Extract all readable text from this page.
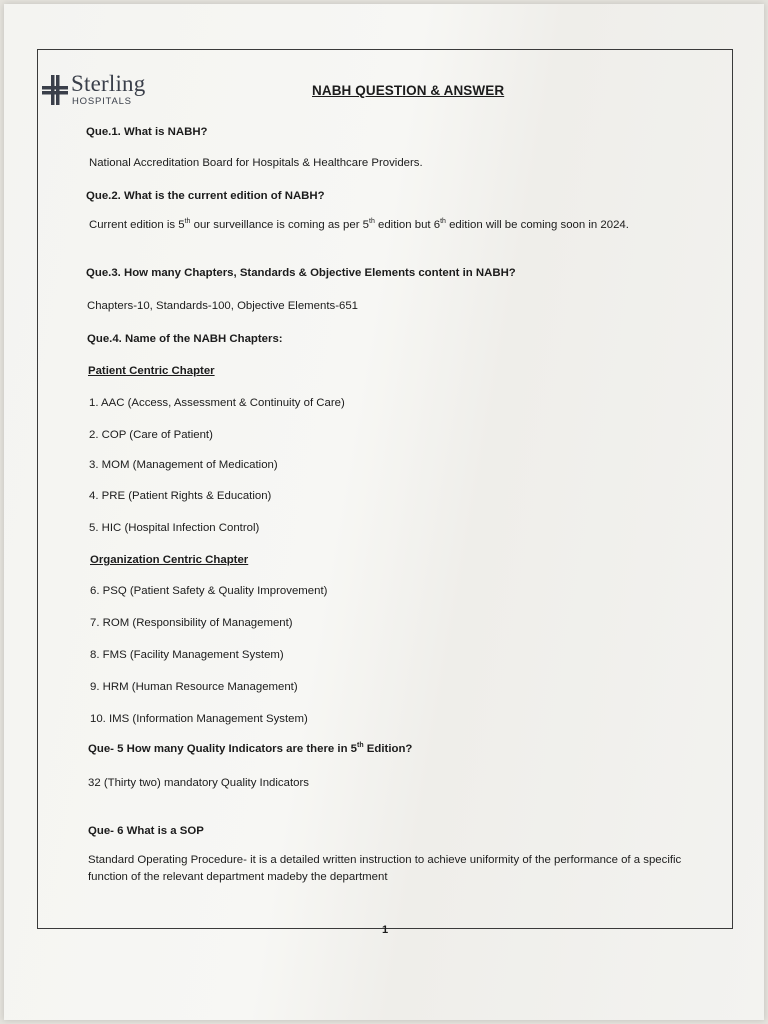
Sterling
HOSPITALS
NABH QUESTION & ANSWER
Que.1. What is NABH?
National Accreditation Board for Hospitals & Healthcare Providers.
Que.2. What is the current edition of NABH?
Current edition is 5th our surveillance is coming as per 5th edition but 6th edition will be coming soon in 2024.
Que.3. How many Chapters, Standards & Objective Elements content in NABH?
Chapters-10, Standards-100, Objective Elements-651
Que.4. Name of the NABH Chapters:
Patient Centric Chapter
1. AAC (Access, Assessment & Continuity of Care)
2. COP (Care of Patient)
3. MOM (Management of Medication)
4. PRE (Patient Rights & Education)
5. HIC (Hospital Infection Control)
Organization Centric Chapter
6. PSQ (Patient Safety & Quality Improvement)
7. ROM (Responsibility of Management)
8. FMS (Facility Management System)
9. HRM (Human Resource Management)
10. IMS (Information Management System)
Que- 5 How many Quality Indicators are there in 5th Edition?
32 (Thirty two) mandatory Quality Indicators
Que- 6 What is a SOP
Standard Operating Procedure- it is a detailed written instruction to achieve uniformity of the performance of a specific function of the relevant department madeby the department
1
